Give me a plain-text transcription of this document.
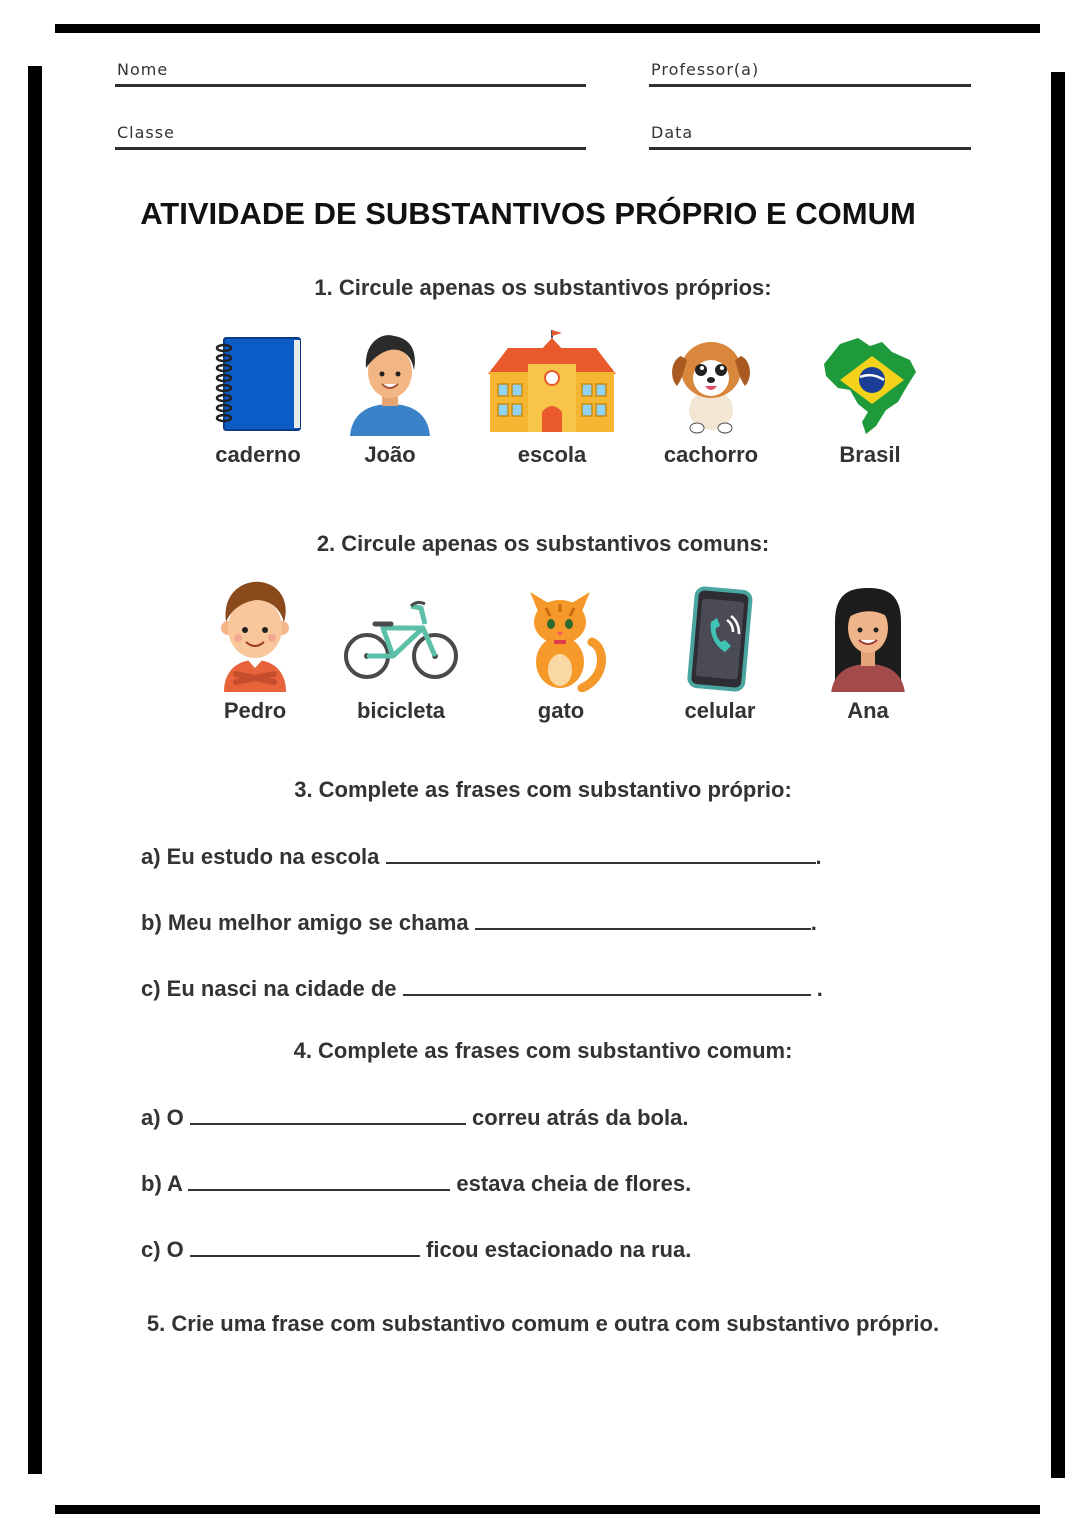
Nome	Professor(a)
Classe	Data
ATIVIDADE DE SUBSTANTIVOS PRÓPRIO E COMUM
1. Circule apenas os substantivos próprios:
caderno	João	escola	cachorro	Brasil
2. Circule apenas os substantivos comuns:
Pedro	bicicleta	gato	celular	Ana
3. Complete as frases com substantivo próprio:
a) Eu estudo na escola	.
b) Meu melhor amigo se chama	.
c) Eu nasci na cidade de	.
4. Complete as frases com substantivo comum:
a) O	correu atrás da bola.
b) A	estava cheia de flores.
c) O	ficou estacionado na rua.
5. Crie uma frase com substantivo comum e outra com substantivo próprio.
